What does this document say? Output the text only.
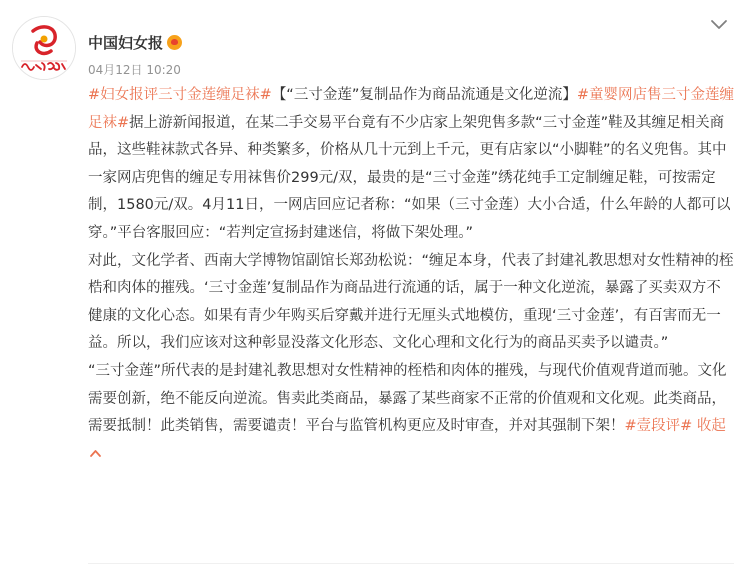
中国妇女报
04月12日 10:20

#妇女报评三寸金莲缠足袜#【“三寸金莲”复制品作为商品流通是文化逆流】#童婴网店售三寸金莲缠足袜#据上游新闻报道，在某二手交易平台竟有不少店家上架兜售多款“三寸金莲”鞋及其缠足相关商品，这些鞋袜款式各异、种类繁多，价格从几十元到上千元，更有店家以“小脚鞋”的名义兜售。其中一家网店兜售的缠足专用袜售价299元/双，最贵的是“三寸金莲”绣花纯手工定制缠足鞋，可按需定制，1580元/双。4月11日，一网店回应记者称：“如果（三寸金莲）大小合适，什么年龄的人都可以穿。”平台客服回应：“若判定宣扬封建迷信，将做下架处理。”

对此，文化学者、西南大学博物馆副馆长郑劲松说：“缠足本身，代表了封建礼教思想对女性精神的桎梏和肉体的摧残。‘三寸金莲’复制品作为商品进行流通的话，属于一种文化逆流，暴露了买卖双方不健康的文化心态。如果有青少年购买后穿戴并进行无厘头式地模仿，重现‘三寸金莲’，有百害而无一益。所以，我们应该对这种彰显没落文化形态、文化心理和文化行为的商品买卖予以谴责。”

“三寸金莲”所代表的是封建礼教思想对女性精神的桎梏和肉体的摧残，与现代价值观背道而驰。文化需要创新，绝不能反向逆流。售卖此类商品，暴露了某些商家不正常的价值观和文化观。此类商品，需要抵制！此类销售，需要谴责！平台与监管机构更应及时审查，并对其强制下架！#壹段评# 收起
